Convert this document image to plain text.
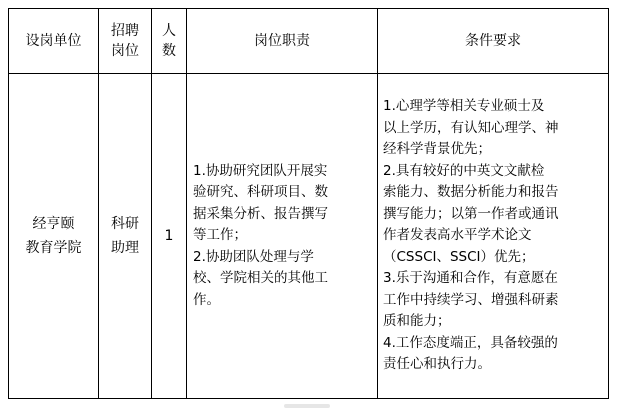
设岗单位
招聘
岗位
人
数
岗位职责	条件要求
经亨颐
教育学院
科研
助理
1
1.协助研究团队开展实
验研究、科研项目、数
据采集分析、报告撰写
等工作；
2.协助团队处理与学
校、学院相关的其他工
作。
1.心理学等相关专业硕士及
以上学历，有认知心理学、神
经科学背景优先；
2.具有较好的中英文文献检
索能力、数据分析能力和报告
撰写能力；以第一作者或通讯
作者发表高水平学术论文
（CSSCI、SSCI）优先；
3.乐于沟通和合作，有意愿在
工作中持续学习、增强科研素
质和能力；
4.工作态度端正，具备较强的
责任心和执行力。
